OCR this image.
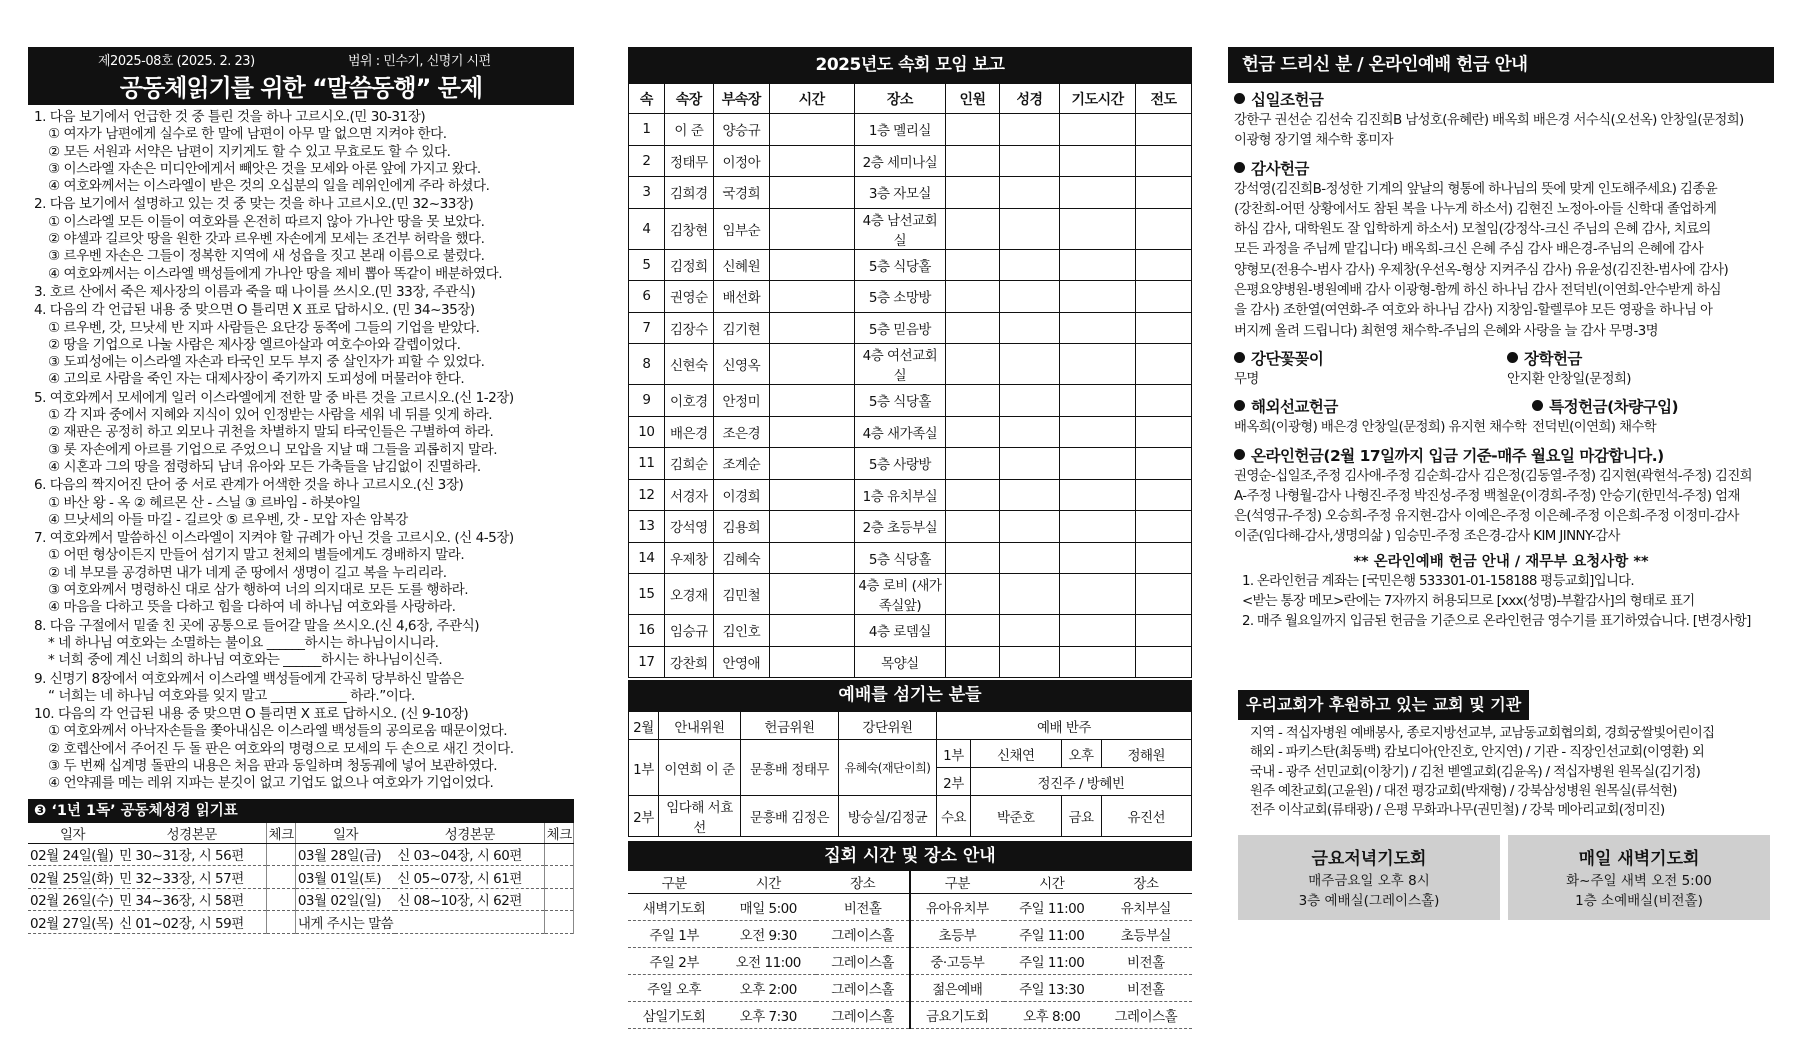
제2025-08호 (2025. 2. 23)	범위 : 민수기, 신명기 시편
공동체읽기를 위한 “말씀동행” 문제
1. 다음 보기에서 언급한 것 중 틀린 것을 하나 고르시오.(민 30-31장)
① 여자가 남편에게 실수로 한 말에 남편이 아무 말 없으면 지켜야 한다.
② 모든 서원과 서약은 남편이 지키게도 할 수 있고 무효로도 할 수 있다.
③ 이스라엘 자손은 미디안에게서 빼앗은 것을 모세와 아론 앞에 가지고 왔다.
④ 여호와께서는 이스라엘이 받은 것의 오십분의 일을 레위인에게 주라 하셨다.
2. 다음 보기에서 설명하고 있는 것 중 맞는 것을 하나 고르시오.(민 32~33장)
① 이스라엘 모든 이들이 여호와를 온전히 따르지 않아 가나안 땅을 못 보았다.
② 야셀과 길르앗 땅을 원한 갓과 르우벤 자손에게 모세는 조건부 허락을 했다.
③ 르우벤 자손은 그들이 정복한 지역에 새 성읍을 짓고 본래 이름으로 불렀다.
④ 여호와께서는 이스라엘 백성들에게 가나안 땅을 제비 뽑아 똑같이 배분하였다.
3. 호르 산에서 죽은 제사장의 이름과 죽을 때 나이를 쓰시오.(민 33장, 주관식)
4. 다음의 각 언급된 내용 중 맞으면 O 틀리면 X 표로 답하시오. (민 34~35장)
① 르우벤, 갓, 므낫세 반 지파 사람들은 요단강 동쪽에 그들의 기업을 받았다.
② 땅을 기업으로 나눌 사람은 제사장 엘르아살과 여호수아와 갈렙이었다.
③ 도피성에는 이스라엘 자손과 타국인 모두 부지 중 살인자가 피할 수 있었다.
④ 고의로 사람을 죽인 자는 대제사장이 죽기까지 도피성에 머물러야 한다.
5. 여호와께서 모세에게 일러 이스라엘에게 전한 말 중 바른 것을 고르시오.(신 1-2장)
① 각 지파 중에서 지혜와 지식이 있어 인정받는 사람을 세워 네 뒤를 잇게 하라.
② 재판은 공정히 하고 외모나 귀천을 차별하지 말되 타국인들은 구별하여 하라.
③ 롯 자손에게 아르를 기업으로 주었으니 모압을 지날 때 그들을 괴롭히지 말라.
④ 시혼과 그의 땅을 점령하되 남녀 유아와 모든 가축들을 남김없이 진멸하라.
6. 다음의 짝지어진 단어 중 서로 관계가 어색한 것을 하나 고르시오.(신 3장)
① 바산 왕 - 옥 ② 헤르몬 산 - 스닐 ③ 르바임 - 하봇야일
④ 므낫세의 아들 마길 - 길르앗 ⑤ 르우벤, 갓 - 모압 자손 암복강
7. 여호와께서 말씀하신 이스라엘이 지켜야 할 규례가 아닌 것을 고르시오. (신 4-5장)
① 어떤 형상이든지 만들어 섬기지 말고 천체의 별들에게도 경배하지 말라.
② 네 부모를 공경하면 내가 네게 준 땅에서 생명이 길고 복을 누리리라.
③ 여호와께서 명령하신 대로 삼가 행하여 너의 의지대로 모든 도를 행하라.
④ 마음을 다하고 뜻을 다하고 힘을 다하여 네 하나님 여호와를 사랑하라.
8. 다음 구절에서 밑줄 친 곳에 공통으로 들어갈 말을 쓰시오.(신 4,6장, 주관식)
* 네 하나님 여호와는 소멸하는 불이요 ______하시는 하나님이시니라.
* 너희 중에 계신 너희의 하나님 여호와는 ______하시는 하나님이신즉.
9. 신명기 8장에서 여호와께서 이스라엘 백성들에게 간곡히 당부하신 말씀은
“ 너희는 네 하나님 여호와를 잊지 말고 ____________ 하라.”이다.
10. 다음의 각 언급된 내용 중 맞으면 O 틀리면 X 표로 답하시오. (신 9-10장)
① 여호와께서 아낙자손들을 쫓아내심은 이스라엘 백성들의 공의로움 때문이었다.
② 호렙산에서 주어진 두 돌 판은 여호와의 명령으로 모세의 두 손으로 새긴 것이다.
③ 두 번째 십계명 돌판의 내용은 처음 판과 동일하며 청동궤에 넣어 보관하였다.
④ 언약궤를 메는 레위 지파는 분깃이 없고 기업도 없으나 여호와가 기업이었다.
❸ ‘1년 1독’ 공동체성경 읽기표
일자	성경본문	체크	일자	성경본문	체크
02월 24일(월)	민 30~31장, 시 56편		03월 28일(금)	신 03~04장, 시 60편	
02월 25일(화)	민 32~33장, 시 57편		03월 01일(토)	신 05~07장, 시 61편	
02월 26일(수)	민 34~36장, 시 58편		03월 02일(일)	신 08~10장, 시 62편	
02월 27일(목)	신 01~02장, 시 59편		내게 주시는 말씀		
2025년도 속회 모임 보고
속	속장	부속장	시간	장소	인원	성경	기도시간	전도
1	이 준	양승규		1층 멜리실				
2	정태무	이정아		2층 세미나실				
3	김희경	국경희		3층 자모실				
4	김창현	임부순		4층 남선교회실				
5	김정희	신혜원		5층 식당홀				
6	권영순	배선화		5층 소망방				
7	김장수	김기현		5층 믿음방				
8	신현숙	신영옥		4층 여선교회실				
9	이호경	안정미		5층 식당홀				
10	배은경	조은경		4층 새가족실				
11	김희순	조계순		5층 사랑방				
12	서경자	이경희		1층 유치부실				
13	강석영	김용희		2층 초등부실				
14	우제창	김혜숙		5층 식당홀				
15	오경재	김민철		4층 로비 (새가족실앞)				
16	임승규	김인호		4층 로뎀실				
17	강찬희	안영애		목양실				
예배를 섬기는 분들
2월	안내위원	헌금위원	강단위원	예배 반주			
1부	이연희 이 준	문흥배 정태무	유혜숙(재단이희)	1부	신채연	오후	정해원
				2부	정진주 / 방혜빈		
2부	임다해 서효선	문흥배 김정은	방승실/김정균	수요	박준호	금요	유진선
집회 시간 및 장소 안내
구분	시간	장소	구분	시간	장소
새벽기도회	매일 5:00	비전홀	유아유치부	주일 11:00	유치부실
주일 1부	오전 9:30	그레이스홀	초등부	주일 11:00	초등부실
주일 2부	오전 11:00	그레이스홀	중·고등부	주일 11:00	비전홀
주일 오후	오후 2:00	그레이스홀	젊은예배	주일 13:30	비전홀
삼일기도회	오후 7:30	그레이스홀	금요기도회	오후 8:00	그레이스홀
헌금 드리신 분 / 온라인예배 헌금 안내
십일조헌금
강한구 권선순 김선숙 김진희B 남성호(유혜란) 배옥희 배은경 서수식(오선옥) 안창일(문정희)
이광형 장기열 채수학 홍미자
감사헌금
강석영(김진희B-정성한 기계의 앞날의 형통에 하나님의 뜻에 맞게 인도해주세요) 김종윤
(강찬희-어떤 상황에서도 참된 복을 나누게 하소서) 김현진 노정아-아들 신학대 졸업하게
하심 감사, 대학원도 잘 입학하게 하소서) 모철임(강정삭-크신 주님의 은혜 감사, 치료의
모든 과정을 주님께 맡깁니다) 배옥희-크신 은혜 주심 감사 배은경-주님의 은혜에 감사
양형모(전용수-범사 감사) 우제창(우선옥-형상 지켜주심 감사) 유윤성(김진찬-범사에 감사)
은평요양병원-병원예배 감사 이광형-함께 하신 하나님 감사 전덕빈(이연희-안수받게 하심
을 감사) 조한열(여연화-주 여호와 하나님 감사) 지창임-할렐루야 모든 영광을 하나님 아
버지께 올려 드립니다) 최현영 채수학-주님의 은혜와 사랑을 늘 감사 무명-3명
강단꽃꽂이
무명
장학헌금
안지환 안창일(문정희)
해외선교헌금
배옥희(이광형) 배은경 안창일(문정희) 유지현 채수학
특정헌금(차량구입)
전덕빈(이연희) 채수학
온라인헌금(2월 17일까지 입금 기준-매주 월요일 마감합니다.)
권영순-십일조,주정 김사애-주정 김순희-감사 김은정(김동열-주정) 김지현(곽현석-주정) 김진희
A-주정 나형월-감사 나형진-주정 박진성-주정 백철운(이경희-주정) 안승기(한민석-주정) 엄재
은(석영규-주정) 오승희-주정 유지현-감사 이예은-주정 이은혜-주정 이은희-주정 이정미-감사
이준(임다해-감사,생명의삶 ) 임승민-주정 조은경-감사 KIM JINNY-감사
** 온라인예배 헌금 안내 / 재무부 요청사항 **
1. 온라인헌금 계좌는 [국민은행 533301-01-158188 평등교회]입니다.
<받는 통장 메모>란에는 7자까지 허용되므로 [xxx(성명)-부활감사]의 형태로 표기
2. 매주 월요일까지 입금된 헌금을 기준으로 온라인헌금 영수기를 표기하였습니다. [변경사항]
우리교회가 후원하고 있는 교회 및 기관
지역 - 적십자병원 예배봉사, 종로지방선교부, 교남동교회협의회, 경희궁쌀빛어린이집
해외 - 파키스탄(최동백) 캄보디아(안진호, 안지연) / 기관 - 직장인선교회(이영환) 외
국내 - 광주 선민교회(이창기) / 김천 벧엘교회(김윤옥) / 적십자병원 원목실(김기정)
원주 예찬교회(고윤원) / 대전 평강교회(박재형) / 강북삼성병원 원목실(류석현)
전주 이삭교회(류태광) / 은평 무화과나무(권민철) / 강북 메아리교회(정미진)
금요저녁기도회
매주금요일 오후 8시
3층 예배실(그레이스홀)
매일 새벽기도회
화~주일 새벽 오전 5:00
1층 소예배실(비전홀)
